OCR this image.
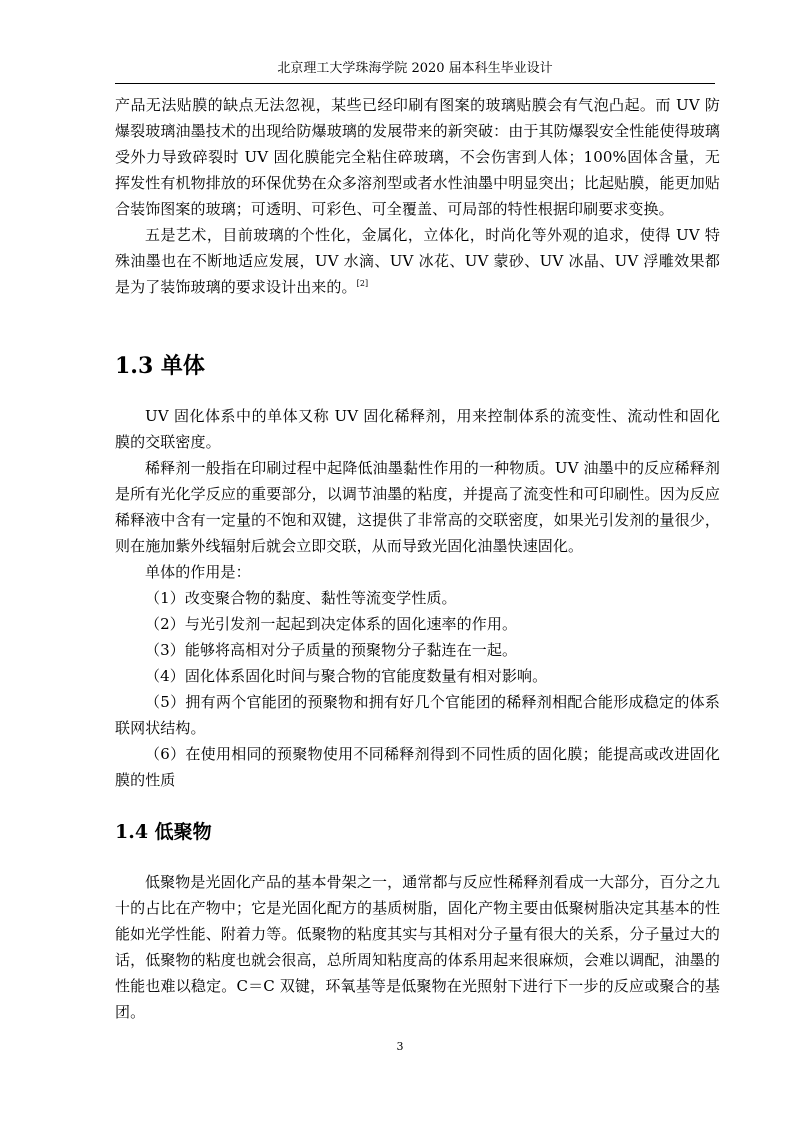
北京理工大学珠海学院 2020 届本科生毕业设计

产品无法贴膜的缺点无法忽视，某些已经印刷有图案的玻璃贴膜会有气泡凸起。而 UV 防爆裂玻璃油墨技术的出现给防爆玻璃的发展带来的新突破：由于其防爆裂安全性能使得玻璃受外力导致碎裂时 UV 固化膜能完全粘住碎玻璃，不会伤害到人体；100%固体含量，无挥发性有机物排放的环保优势在众多溶剂型或者水性油墨中明显突出；比起贴膜，能更加贴合装饰图案的玻璃；可透明、可彩色、可全覆盖、可局部的特性根据印刷要求变换。

五是艺术，目前玻璃的个性化，金属化，立体化，时尚化等外观的追求，使得 UV 特殊油墨也在不断地适应发展，UV 水滴、UV 冰花、UV 蒙砂、UV 冰晶、UV 浮雕效果都是为了装饰玻璃的要求设计出来的。[2]

1.3 单体

UV 固化体系中的单体又称 UV 固化稀释剂，用来控制体系的流变性、流动性和固化膜的交联密度。

稀释剂一般指在印刷过程中起降低油墨黏性作用的一种物质。UV 油墨中的反应稀释剂是所有光化学反应的重要部分，以调节油墨的粘度，并提高了流变性和可印刷性。因为反应稀释液中含有一定量的不饱和双键，这提供了非常高的交联密度，如果光引发剂的量很少，则在施加紫外线辐射后就会立即交联，从而导致光固化油墨快速固化。

单体的作用是：

（1）改变聚合物的黏度、黏性等流变学性质。

（2）与光引发剂一起起到决定体系的固化速率的作用。

（3）能够将高相对分子质量的预聚物分子黏连在一起。

（4）固化体系固化时间与聚合物的官能度数量有相对影响。

（5）拥有两个官能团的预聚物和拥有好几个官能团的稀释剂相配合能形成稳定的体系联网状结构。

（6）在使用相同的预聚物使用不同稀释剂得到不同性质的固化膜；能提高或改进固化膜的性质

1.4 低聚物

低聚物是光固化产品的基本骨架之一，通常都与反应性稀释剂看成一大部分，百分之九十的占比在产物中；它是光固化配方的基质树脂，固化产物主要由低聚树脂决定其基本的性能如光学性能、附着力等。低聚物的粘度其实与其相对分子量有很大的关系，分子量过大的话，低聚物的粘度也就会很高，总所周知粘度高的体系用起来很麻烦，会难以调配，油墨的性能也难以稳定。C＝C 双键，环氧基等是低聚物在光照射下进行下一步的反应或聚合的基团。

3
